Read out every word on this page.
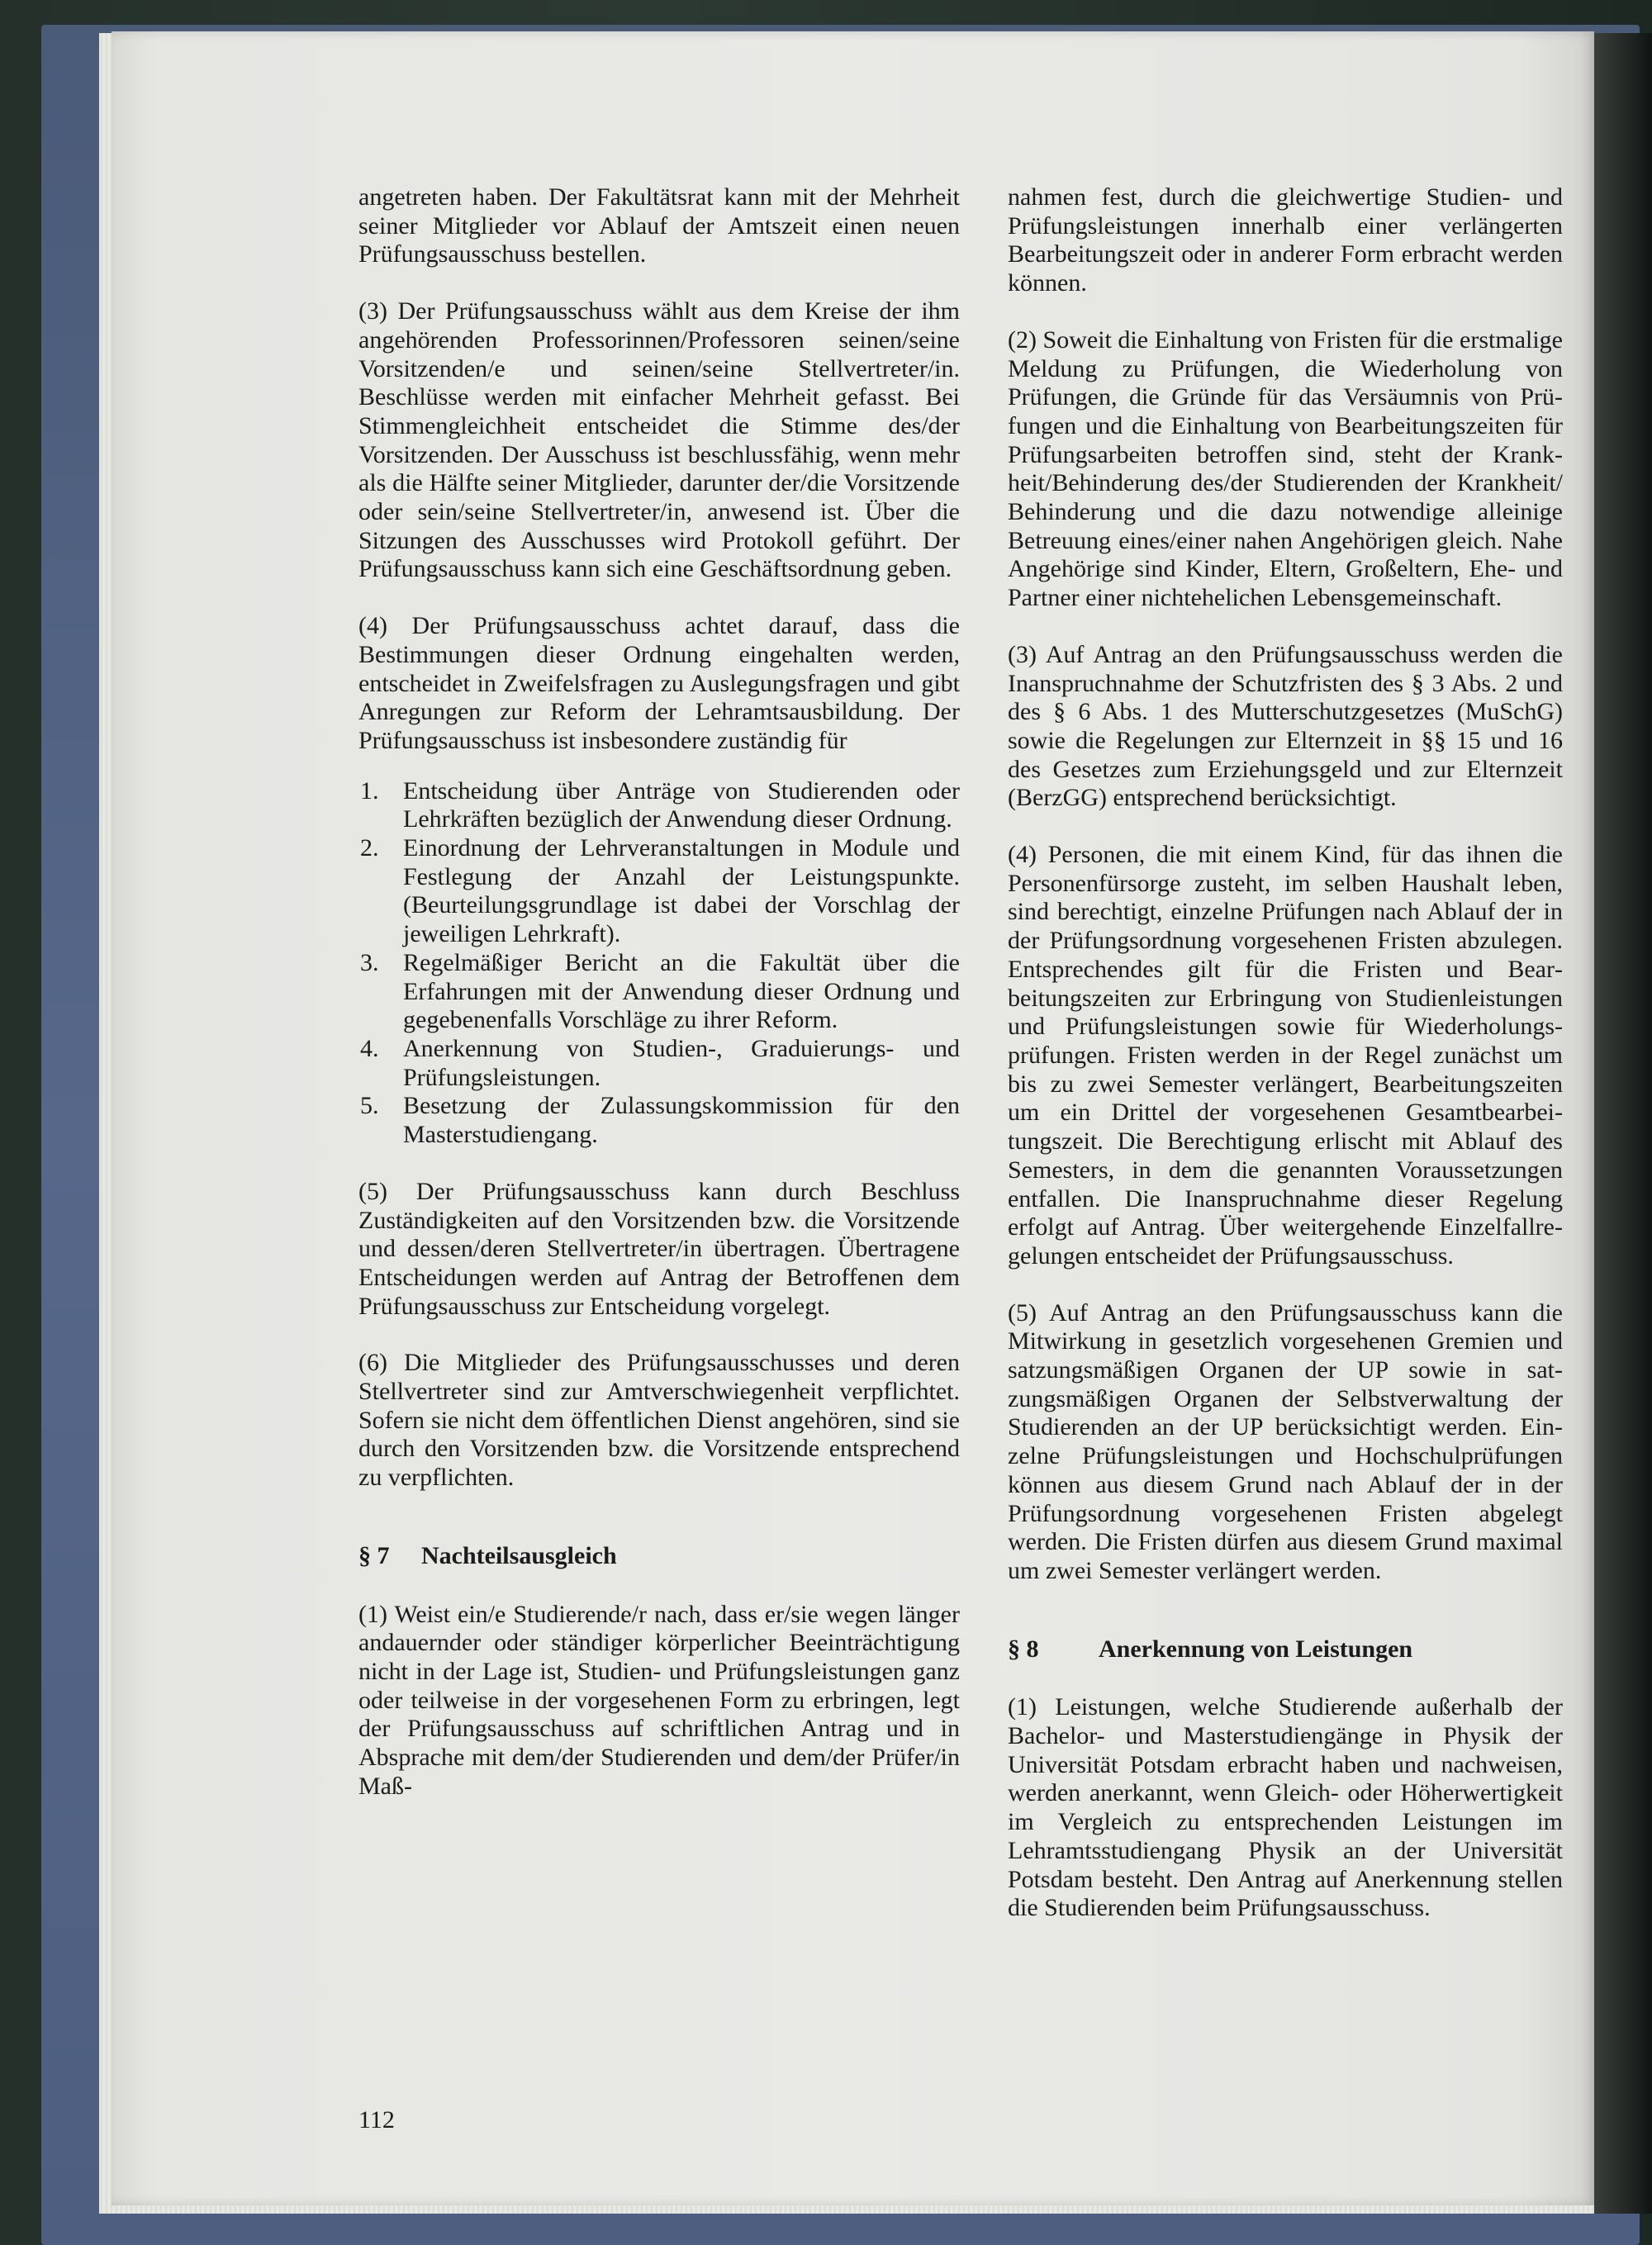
angetreten haben. Der Fakultätsrat kann mit der Mehrheit seiner Mitglieder vor Ablauf der Amtszeit einen neuen Prüfungsausschuss bestellen.

(3) Der Prüfungsausschuss wählt aus dem Kreise der ihm angehörenden Professorinnen/Professoren seinen/seine Vorsitzenden/e und seinen/seine Stellvertreter/in. Beschlüsse werden mit einfacher Mehrheit gefasst. Bei Stimmengleichheit entscheidet die Stimme des/der Vorsitzenden. Der Ausschuss ist beschlussfähig, wenn mehr als die Hälfte seiner Mitglieder, darunter der/die Vorsitzende oder sein/seine Stellvertreter/in, anwesend ist. Über die Sitzungen des Ausschusses wird Protokoll geführt. Der Prüfungsausschuss kann sich eine Geschäftsordnung geben.

(4) Der Prüfungsausschuss achtet darauf, dass die Bestimmungen dieser Ordnung eingehalten werden, entscheidet in Zweifelsfragen zu Auslegungsfragen und gibt Anregungen zur Reform der Lehramtsausbildung. Der Prüfungsausschuss ist insbesondere zuständig für

1. Entscheidung über Anträge von Studierenden oder Lehrkräften bezüglich der Anwendung dieser Ordnung.
2. Einordnung der Lehrveranstaltungen in Module und Festlegung der Anzahl der Leistungspunkte. (Beurteilungsgrundlage ist dabei der Vorschlag der jeweiligen Lehrkraft).
3. Regelmäßiger Bericht an die Fakultät über die Erfahrungen mit der Anwendung dieser Ordnung und gegebenenfalls Vorschläge zu ihrer Reform.
4. Anerkennung von Studien-, Graduierungs- und Prüfungsleistungen.
5. Besetzung der Zulassungskommission für den Masterstudiengang.

(5) Der Prüfungsausschuss kann durch Beschluss Zuständigkeiten auf den Vorsitzenden bzw. die Vorsitzende und dessen/deren Stellvertreter/in übertragen. Übertragene Entscheidungen werden auf Antrag der Betroffenen dem Prüfungsausschuss zur Entscheidung vorgelegt.

(6) Die Mitglieder des Prüfungsausschusses und deren Stellvertreter sind zur Amtverschwiegenheit verpflichtet. Sofern sie nicht dem öffentlichen Dienst angehören, sind sie durch den Vorsitzenden bzw. die Vorsitzende entsprechend zu verpflichten.

§ 7 Nachteilsausgleich

(1) Weist ein/e Studierende/r nach, dass er/sie wegen länger andauernder oder ständiger körperlicher Beeinträchtigung nicht in der Lage ist, Studien- und Prüfungsleistungen ganz oder teilweise in der vorgesehenen Form zu erbringen, legt der Prüfungsausschuss auf schriftlichen Antrag und in Absprache mit dem/der Studierenden und dem/der Prüfer/in Maß-

nahmen fest, durch die gleichwertige Studien- und Prüfungsleistungen innerhalb einer verlängerten Bearbeitungszeit oder in anderer Form erbracht werden können.

(2) Soweit die Einhaltung von Fristen für die erstmalige Meldung zu Prüfungen, die Wiederholung von Prüfungen, die Gründe für das Versäumnis von Prüfungen und die Einhaltung von Bearbeitungszeiten für Prüfungsarbeiten betroffen sind, steht der Krankheit/Behinderung des/der Studierenden der Krankheit/ Behinderung und die dazu notwendige alleinige Betreuung eines/einer nahen Angehörigen gleich. Nahe Angehörige sind Kinder, Eltern, Großeltern, Ehe- und Partner einer nichtehelichen Lebensgemeinschaft.

(3) Auf Antrag an den Prüfungsausschuss werden die Inanspruchnahme der Schutzfristen des § 3 Abs. 2 und des § 6 Abs. 1 des Mutterschutzgesetzes (MuSchG) sowie die Regelungen zur Elternzeit in §§ 15 und 16 des Gesetzes zum Erziehungsgeld und zur Elternzeit (BerzGG) entsprechend berücksichtigt.

(4) Personen, die mit einem Kind, für das ihnen die Personenfürsorge zusteht, im selben Haushalt leben, sind berechtigt, einzelne Prüfungen nach Ablauf der in der Prüfungsordnung vorgesehenen Fristen abzulegen. Entsprechendes gilt für die Fristen und Bearbeitungszeiten zur Erbringung von Studienleistungen und Prüfungsleistungen sowie für Wiederholungsprüfungen. Fristen werden in der Regel zunächst um bis zu zwei Semester verlängert, Bearbeitungszeiten um ein Drittel der vorgesehenen Gesamtbearbeitungszeit. Die Berechtigung erlischt mit Ablauf des Semesters, in dem die genannten Voraussetzungen entfallen. Die Inanspruchnahme dieser Regelung erfolgt auf Antrag. Über weitergehende Einzelfallregelungen entscheidet der Prüfungsausschuss.

(5) Auf Antrag an den Prüfungsausschuss kann die Mitwirkung in gesetzlich vorgesehenen Gremien und satzungsmäßigen Organen der UP sowie in satzungsmäßigen Organen der Selbstverwaltung der Studierenden an der UP berücksichtigt werden. Einzelne Prüfungsleistungen und Hochschulprüfungen können aus diesem Grund nach Ablauf der in der Prüfungsordnung vorgesehenen Fristen abgelegt werden. Die Fristen dürfen aus diesem Grund maximal um zwei Semester verlängert werden.

§ 8 Anerkennung von Leistungen

(1) Leistungen, welche Studierende außerhalb der Bachelor- und Masterstudiengänge in Physik der Universität Potsdam erbracht haben und nachweisen, werden anerkannt, wenn Gleich- oder Höherwertigkeit im Vergleich zu entsprechenden Leistungen im Lehramtsstudiengang Physik an der Universität Potsdam besteht. Den Antrag auf Anerkennung stellen die Studierenden beim Prüfungsausschuss.

112
